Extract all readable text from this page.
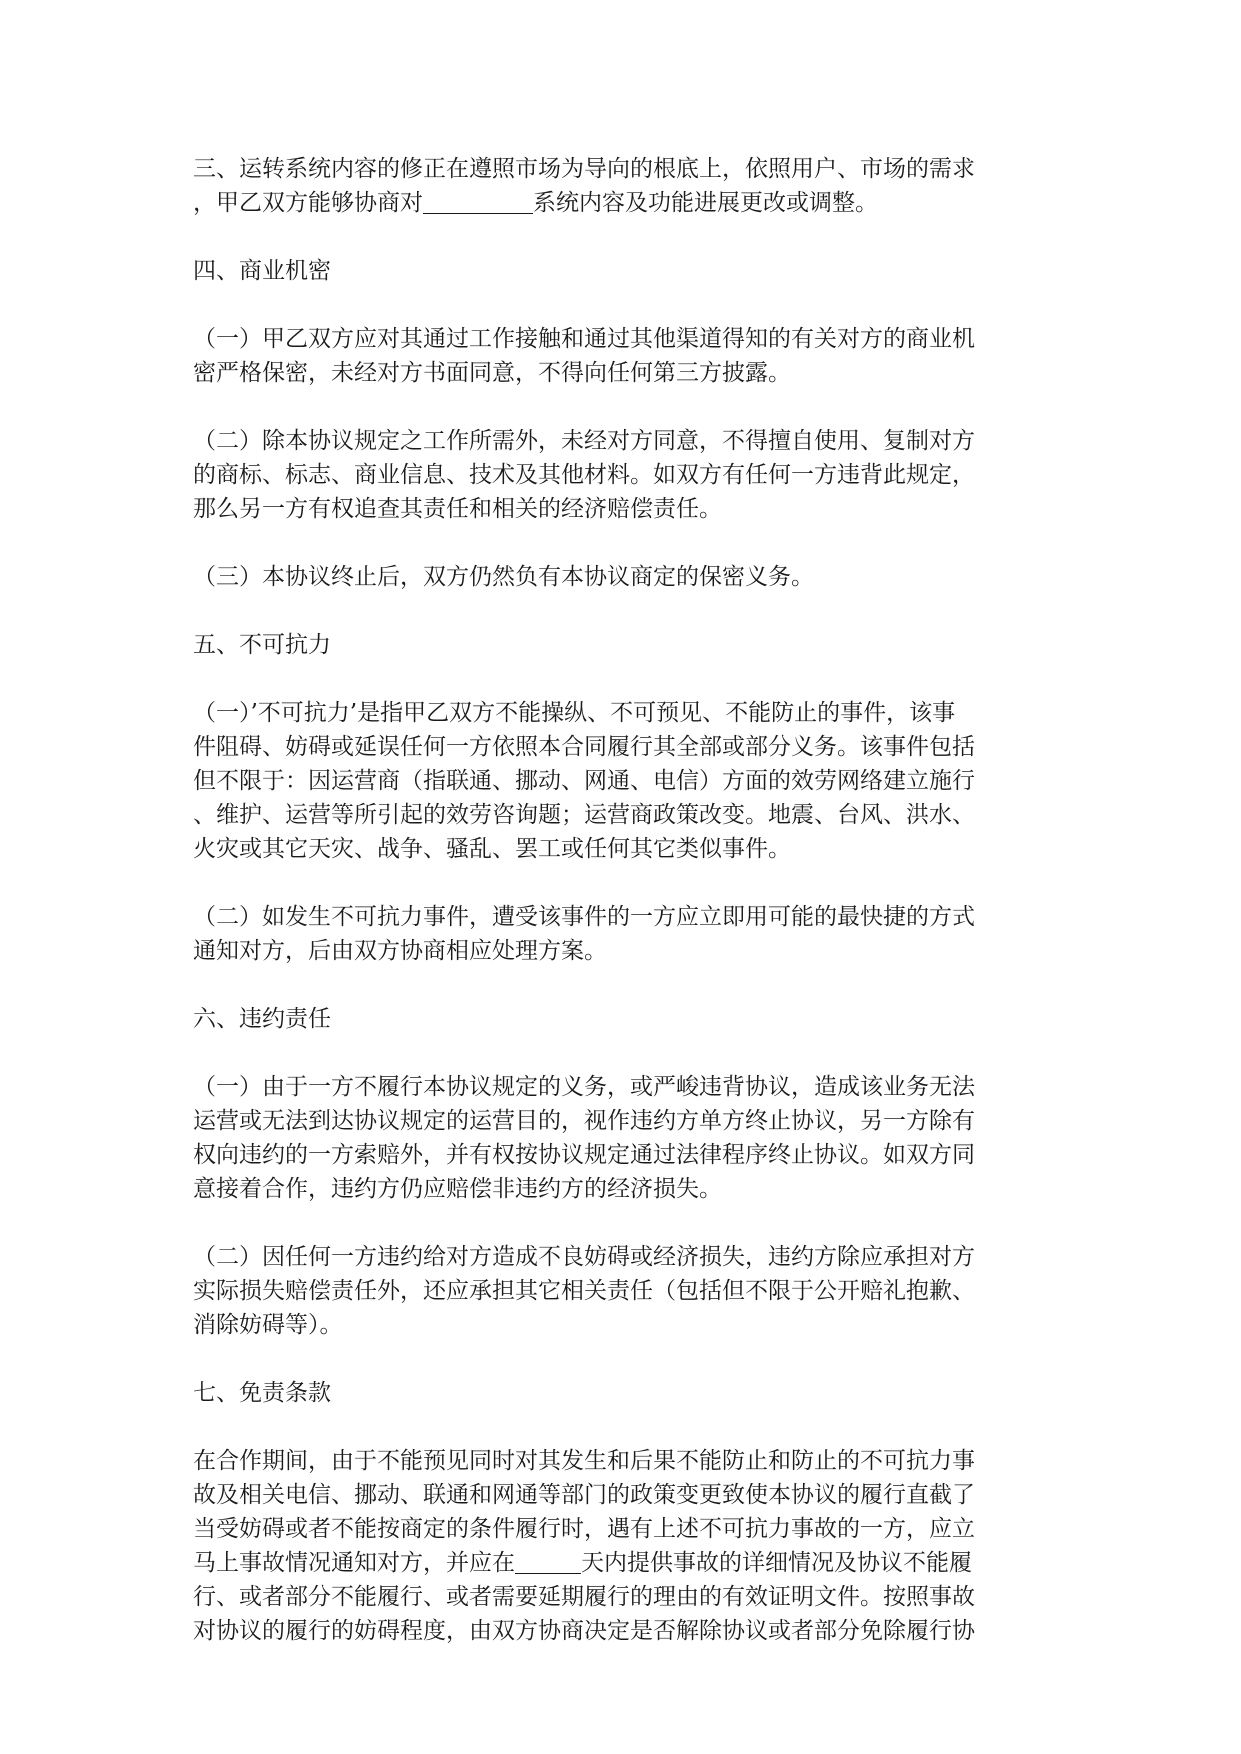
三、运转系统内容的修正在遵照市场为导向的根底上，依照用户、市场的需求
，甲乙双方能够协商对	系统内容及功能进展更改或调整。
四、商业机密
（一）甲乙双方应对其通过工作接触和通过其他渠道得知的有关对方的商业机
密严格保密，未经对方书面同意，不得向任何第三方披露。
（二）除本协议规定之工作所需外，未经对方同意，不得擅自使用、复制对方
的商标、标志、商业信息、技术及其他材料。如双方有任何一方违背此规定，
那么另一方有权追查其责任和相关的经济赔偿责任。
（三）本协议终止后，双方仍然负有本协议商定的保密义务。
五、不可抗力
（一）’不可抗力’是指甲乙双方不能操纵、不可预见、不能防止的事件，该事
件阻碍、妨碍或延误任何一方依照本合同履行其全部或部分义务。该事件包括
但不限于：因运营商（指联通、挪动、网通、电信）方面的效劳网络建立施行
、维护、运营等所引起的效劳咨询题；运营商政策改变。地震、台风、洪水、
火灾或其它天灾、战争、骚乱、罢工或任何其它类似事件。
（二）如发生不可抗力事件，遭受该事件的一方应立即用可能的最快捷的方式
通知对方，后由双方协商相应处理方案。
六、违约责任
（一）由于一方不履行本协议规定的义务，或严峻违背协议，造成该业务无法
运营或无法到达协议规定的运营目的，视作违约方单方终止协议，另一方除有
权向违约的一方索赔外，并有权按协议规定通过法律程序终止协议。如双方同
意接着合作，违约方仍应赔偿非违约方的经济损失。
（二）因任何一方违约给对方造成不良妨碍或经济损失，违约方除应承担对方
实际损失赔偿责任外，还应承担其它相关责任（包括但不限于公开赔礼抱歉、
消除妨碍等）。
七、免责条款
在合作期间，由于不能预见同时对其发生和后果不能防止和防止的不可抗力事
故及相关电信、挪动、联通和网通等部门的政策变更致使本协议的履行直截了
当受妨碍或者不能按商定的条件履行时，遇有上述不可抗力事故的一方，应立
马上事故情况通知对方，并应在	天内提供事故的详细情况及协议不能履
行、或者部分不能履行、或者需要延期履行的理由的有效证明文件。按照事故
对协议的履行的妨碍程度，由双方协商决定是否解除协议或者部分免除履行协
